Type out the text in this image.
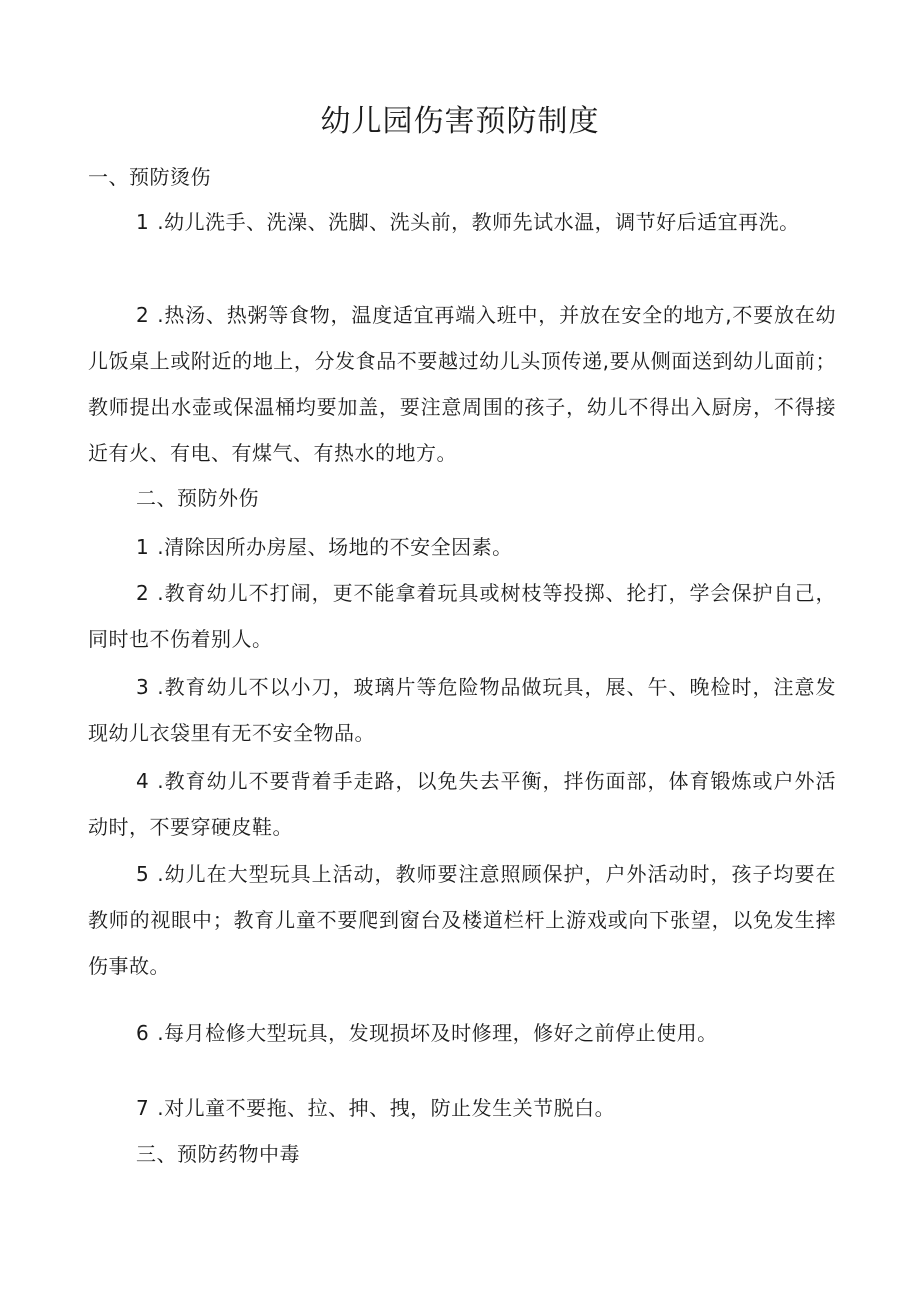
幼儿园伤害预防制度
一、预防烫伤

1 .幼儿洗手、洗澡、洗脚、洗头前，教师先试水温，调节好后适宜再洗。

2 .热汤、热粥等食物，温度适宜再端入班中，并放在安全的地方,不要放在幼儿饭桌上或附近的地上，分发食品不要越过幼儿头顶传递,要从侧面送到幼儿面前；教师提出水壶或保温桶均要加盖，要注意周围的孩子，幼儿不得出入厨房，不得接近有火、有电、有煤气、有热水的地方。

二、预防外伤

1 .清除因所办房屋、场地的不安全因素。

2 .教育幼儿不打闹，更不能拿着玩具或树枝等投掷、抡打，学会保护自己，同时也不伤着别人。

3 .教育幼儿不以小刀，玻璃片等危险物品做玩具，展、午、晚检时，注意发现幼儿衣袋里有无不安全物品。

4 .教育幼儿不要背着手走路，以免失去平衡，拌伤面部，体育锻炼或户外活动时，不要穿硬皮鞋。

5 .幼儿在大型玩具上活动，教师要注意照顾保护，户外活动时，孩子均要在教师的视眼中；教育儿童不要爬到窗台及楼道栏杆上游戏或向下张望，以免发生摔伤事故。

6 .每月检修大型玩具，发现损坏及时修理，修好之前停止使用。

7 .对儿童不要拖、拉、抻、拽，防止发生关节脱白。

三、预防药物中毒
